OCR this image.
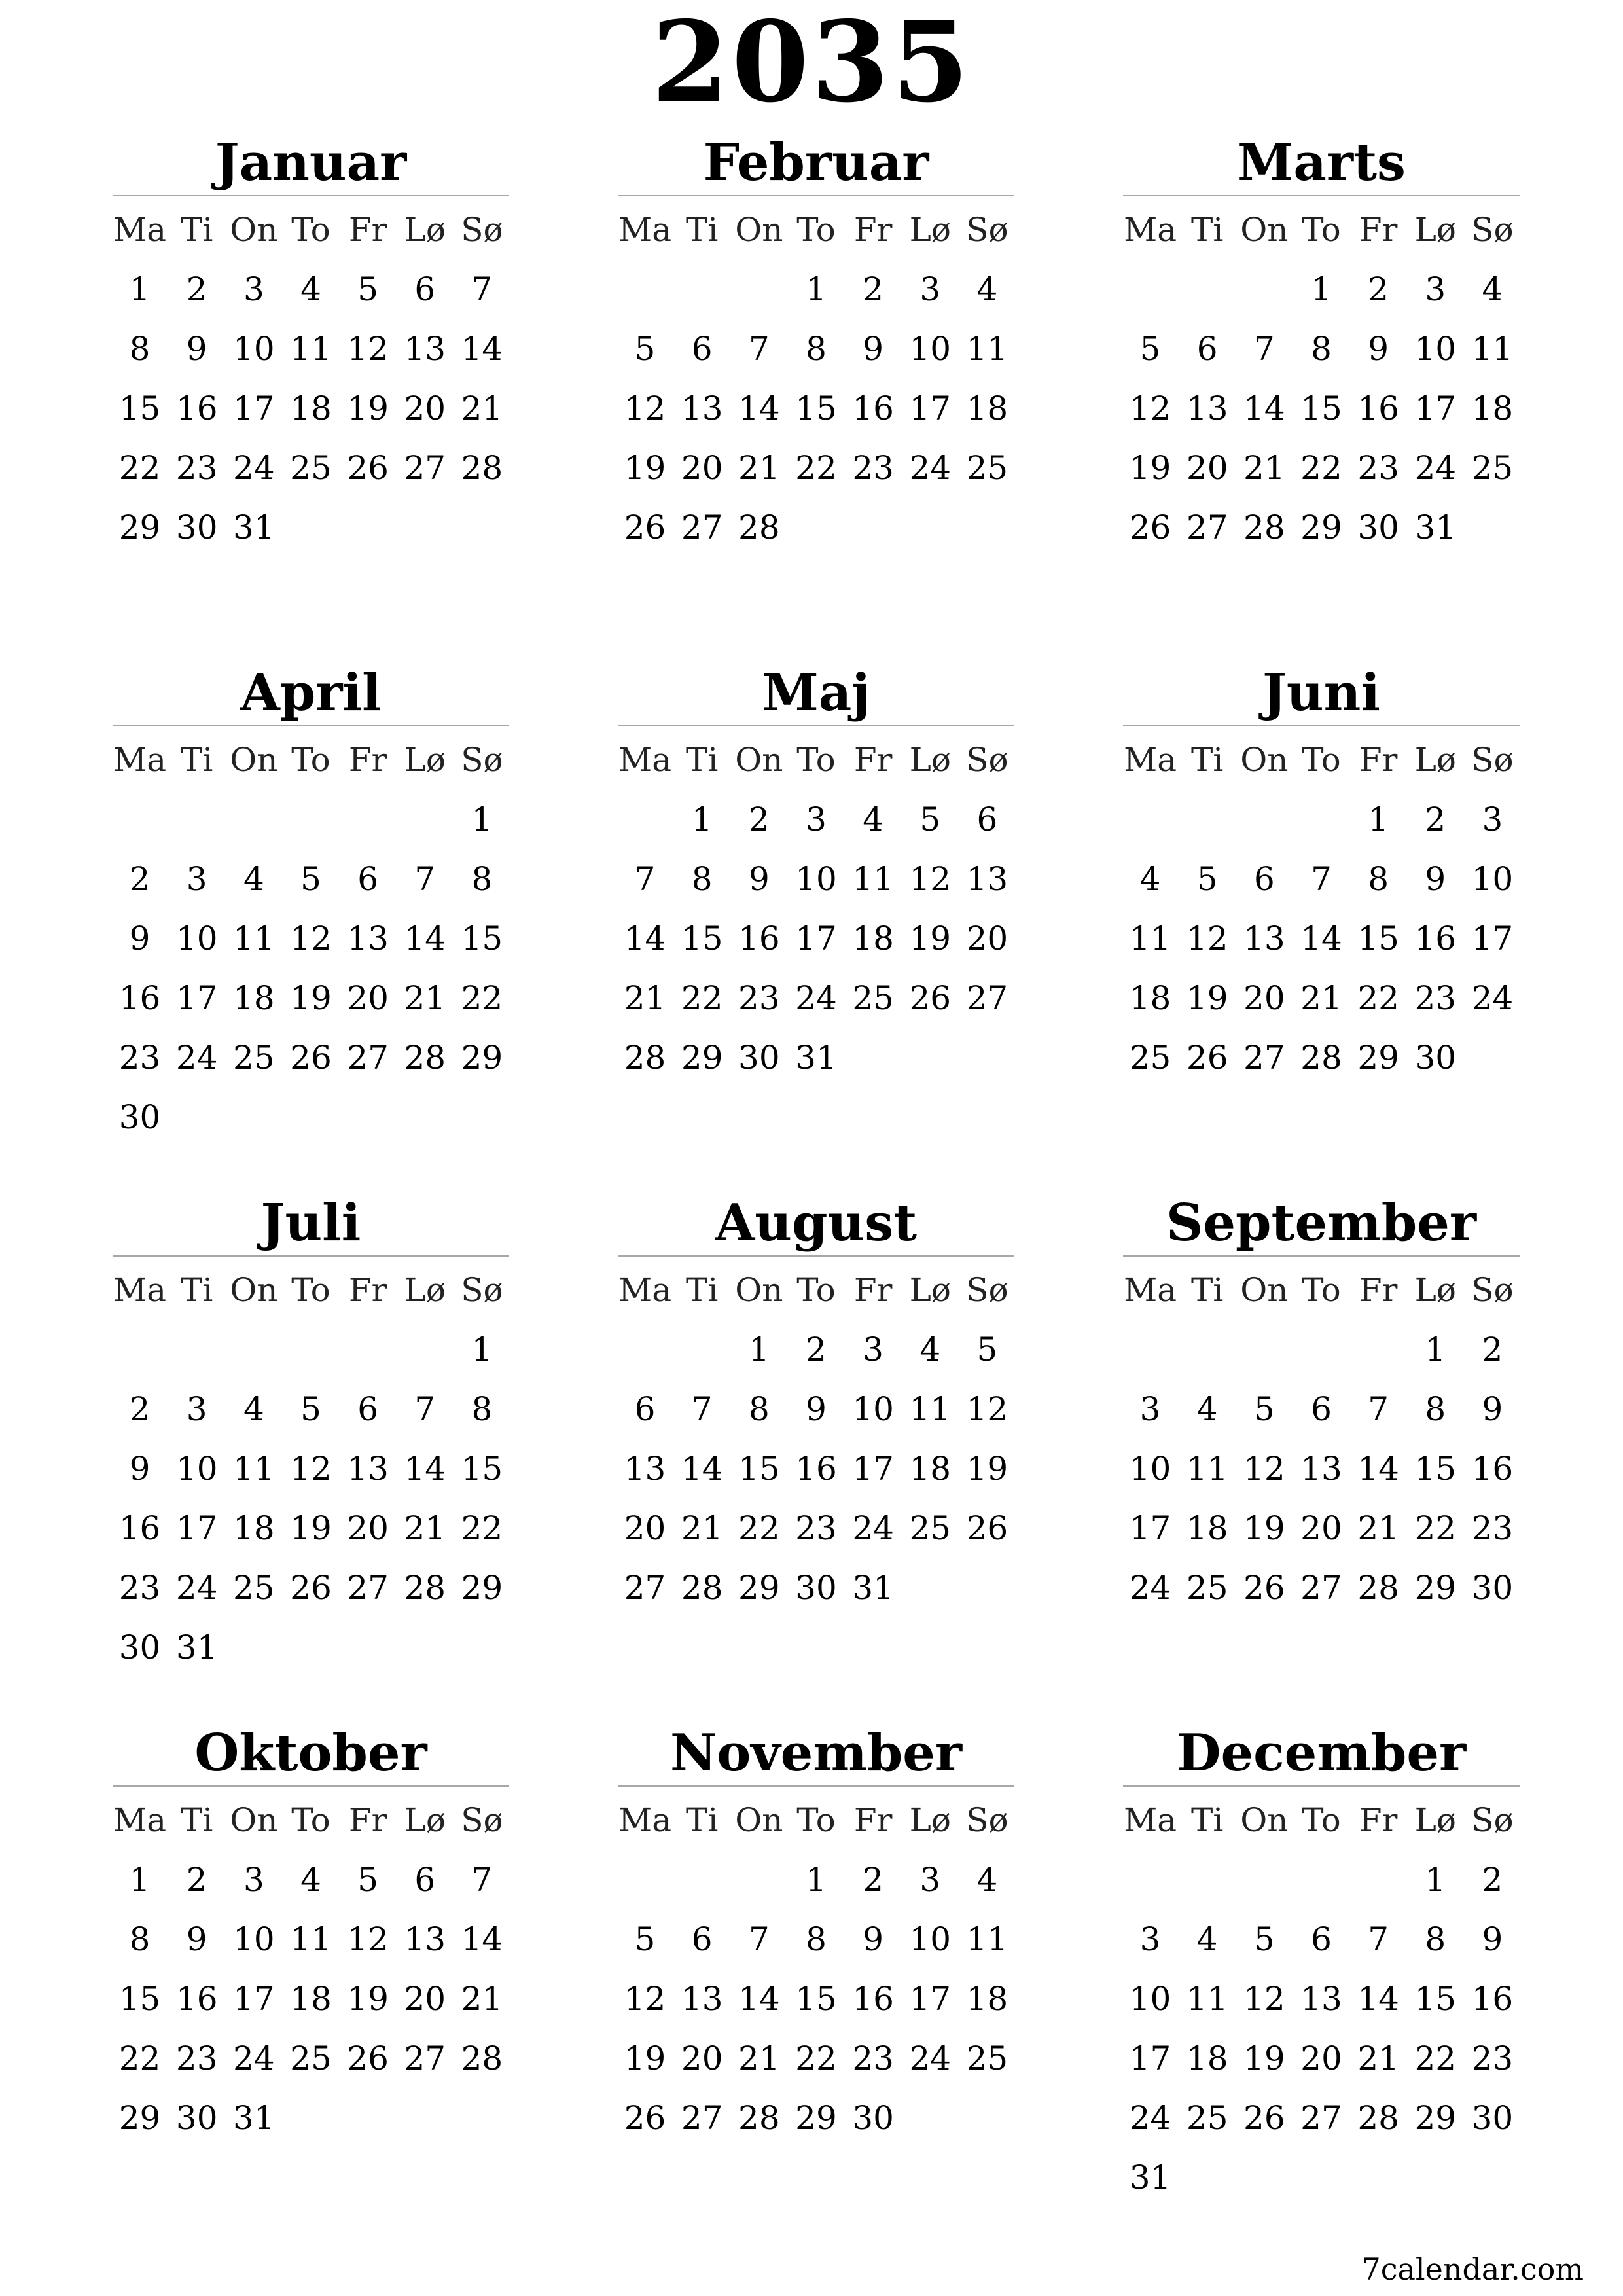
2035
Januar
Ma	Ti	On	To	Fr	Lø	Sø
1	2	3	4	5	6	7
8	9	10	11	12	13	14
15	16	17	18	19	20	21
22	23	24	25	26	27	28
29	30	31				
Februar
Ma	Ti	On	To	Fr	Lø	Sø
			1	2	3	4
5	6	7	8	9	10	11
12	13	14	15	16	17	18
19	20	21	22	23	24	25
26	27	28				
Marts
Ma	Ti	On	To	Fr	Lø	Sø
			1	2	3	4
5	6	7	8	9	10	11
12	13	14	15	16	17	18
19	20	21	22	23	24	25
26	27	28	29	30	31	
April
Ma	Ti	On	To	Fr	Lø	Sø
						1
2	3	4	5	6	7	8
9	10	11	12	13	14	15
16	17	18	19	20	21	22
23	24	25	26	27	28	29
30						
Maj
Ma	Ti	On	To	Fr	Lø	Sø
	1	2	3	4	5	6
7	8	9	10	11	12	13
14	15	16	17	18	19	20
21	22	23	24	25	26	27
28	29	30	31			
Juni
Ma	Ti	On	To	Fr	Lø	Sø
				1	2	3
4	5	6	7	8	9	10
11	12	13	14	15	16	17
18	19	20	21	22	23	24
25	26	27	28	29	30	
Juli
Ma	Ti	On	To	Fr	Lø	Sø
						1
2	3	4	5	6	7	8
9	10	11	12	13	14	15
16	17	18	19	20	21	22
23	24	25	26	27	28	29
30	31					
August
Ma	Ti	On	To	Fr	Lø	Sø
		1	2	3	4	5
6	7	8	9	10	11	12
13	14	15	16	17	18	19
20	21	22	23	24	25	26
27	28	29	30	31		
September
Ma	Ti	On	To	Fr	Lø	Sø
					1	2
3	4	5	6	7	8	9
10	11	12	13	14	15	16
17	18	19	20	21	22	23
24	25	26	27	28	29	30
Oktober
Ma	Ti	On	To	Fr	Lø	Sø
1	2	3	4	5	6	7
8	9	10	11	12	13	14
15	16	17	18	19	20	21
22	23	24	25	26	27	28
29	30	31				
November
Ma	Ti	On	To	Fr	Lø	Sø
			1	2	3	4
5	6	7	8	9	10	11
12	13	14	15	16	17	18
19	20	21	22	23	24	25
26	27	28	29	30		
December
Ma	Ti	On	To	Fr	Lø	Sø
					1	2
3	4	5	6	7	8	9
10	11	12	13	14	15	16
17	18	19	20	21	22	23
24	25	26	27	28	29	30
31						
7calendar.com
